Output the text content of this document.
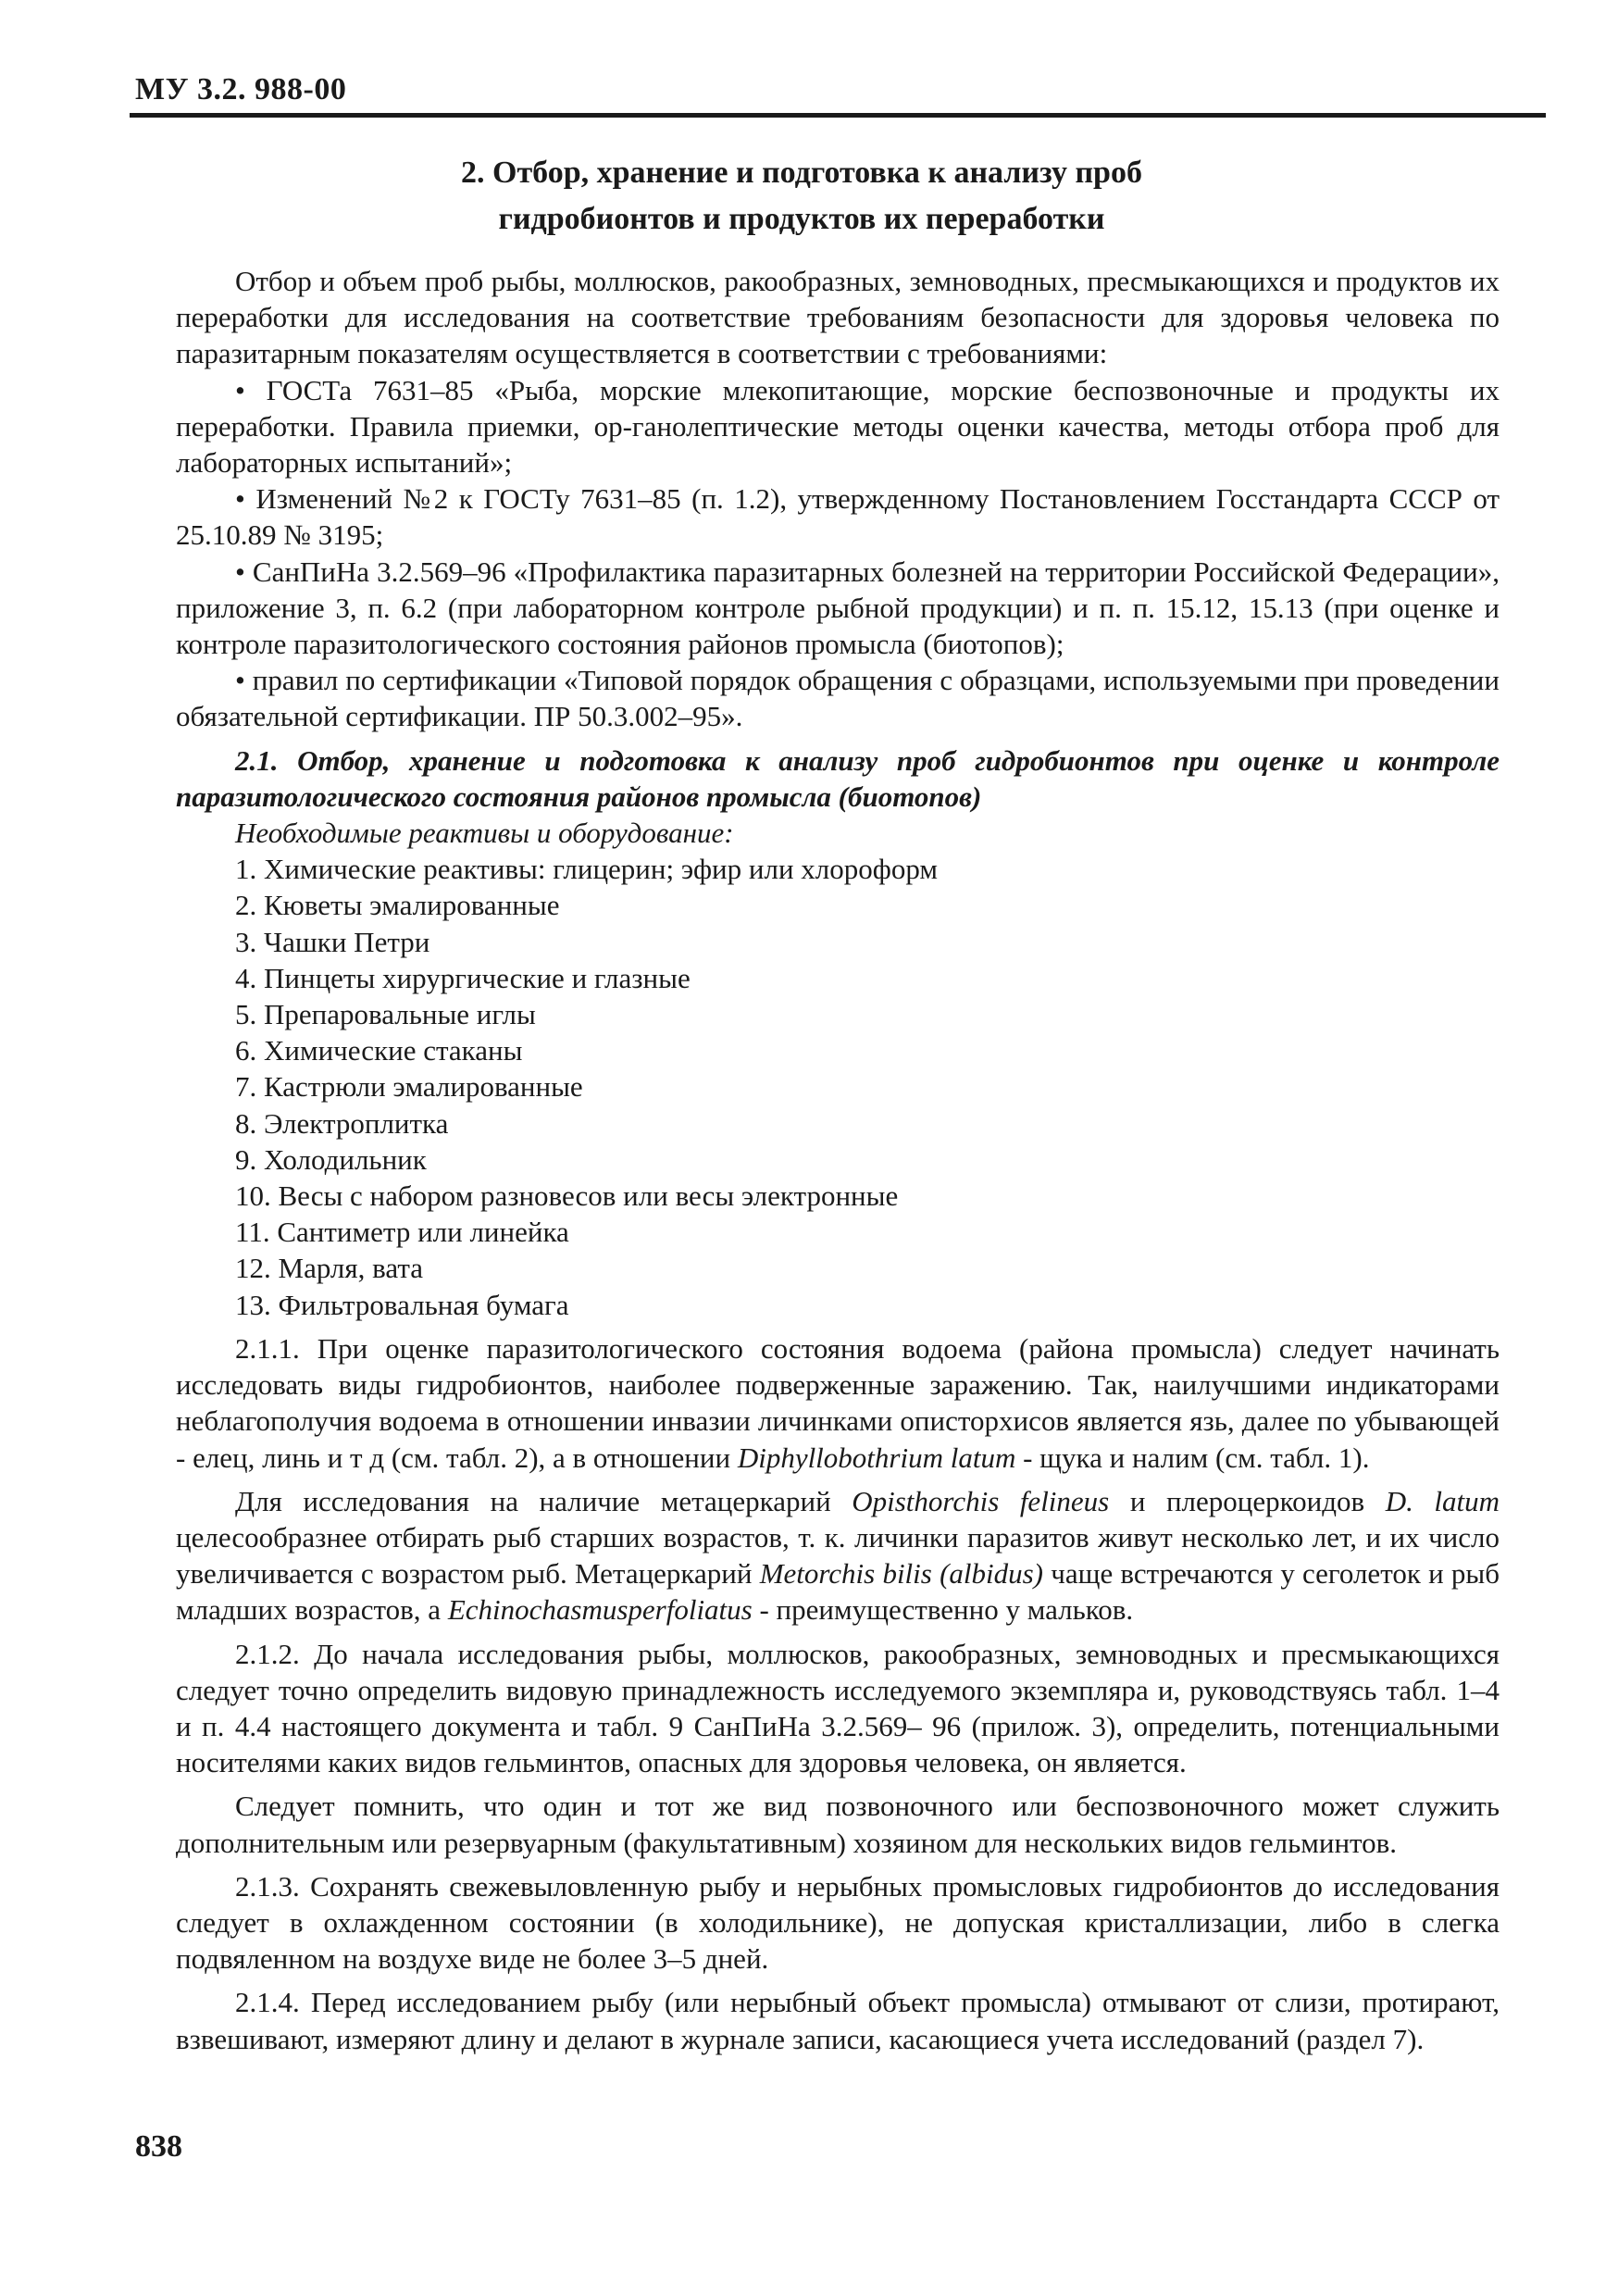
МУ 3.2. 988-00
2. Отбор, хранение и подготовка к анализу проб
гидробионтов и продуктов их переработки

Отбор и объем проб рыбы, моллюсков, ракообразных, земноводных, пресмыкающихся и продуктов их переработки для исследования на соответствие требованиям безопасности для здоровья человека по паразитарным показателям осуществляется в соответствии с требованиями:

• ГОСТа 7631–85 «Рыба, морские млекопитающие, морские беспозвоночные и продукты их переработки. Правила приемки, ор-ганолептические методы оценки качества, методы отбора проб для лабораторных испытаний»;

• Изменений №2 к ГОСТу 7631–85 (п. 1.2), утвержденному Постановлением Госстандарта СССР от 25.10.89 № 3195;

• СанПиНа 3.2.569–96 «Профилактика паразитарных болезней на территории Российской Федерации», приложение 3, п. 6.2 (при лабораторном контроле рыбной продукции) и п. п. 15.12, 15.13 (при оценке и контроле паразитологического состояния районов промысла (биотопов);

• правил по сертификации «Типовой порядок обращения с образцами, используемыми при проведении обязательной сертификации. ПР 50.3.002–95».

2.1. Отбор, хранение и подготовка к анализу проб гидробионтов при оценке и контроле паразитологического состояния районов промысла (биотопов)

Необходимые реактивы и оборудование:

1. Химические реактивы: глицерин; эфир или хлороформ
2. Кюветы эмалированные
3. Чашки Петри
4. Пинцеты хирургические и глазные
5. Препаровальные иглы
6. Химические стаканы
7. Кастрюли эмалированные
8. Электроплитка
9. Холодильник
10. Весы с набором разновесов или весы электронные
11. Сантиметр или линейка
12. Марля, вата
13. Фильтровальная бумага

2.1.1. При оценке паразитологического состояния водоема (района промысла) следует начинать исследовать виды гидробионтов, наиболее подверженные заражению. Так, наилучшими индикаторами неблагополучия водоема в отношении инвазии личинками описторхисов является язь, далее по убывающей - елец, линь и т д (см. табл. 2), а в отношении Diphyllobothrium latum - щука и налим (см. табл. 1).

Для исследования на наличие метацеркарий Opisthorchis felineus и плероцеркоидов D. latum целесообразнее отбирать рыб старших возрастов, т. к. личинки паразитов живут несколько лет, и их число увеличивается с возрастом рыб. Метацеркарий Metorchis bilis (albidus) чаще встречаются у сеголеток и рыб младших возрастов, а Echinochasmusperfoliatus - преимущественно у мальков.

2.1.2. До начала исследования рыбы, моллюсков, ракообразных, земноводных и пресмыкающихся следует точно определить видовую принадлежность исследуемого экземпляра и, руководствуясь табл. 1–4 и п. 4.4 настоящего документа и табл. 9 СанПиНа 3.2.569– 96 (прилож. 3), определить, потенциальными носителями каких видов гельминтов, опасных для здоровья человека, он является.

Следует помнить, что один и тот же вид позвоночного или беспозвоночного может служить дополнительным или резервуарным (факультативным) хозяином для нескольких видов гельминтов.

2.1.3. Сохранять свежевыловленную рыбу и нерыбных промысловых гидробионтов до исследования следует в охлажденном состоянии (в холодильнике), не допуская кристаллизации, либо в слегка подвяленном на воздухе виде не более 3–5 дней.

2.1.4. Перед исследованием рыбу (или нерыбный объект промысла) отмывают от слизи, протирают, взвешивают, измеряют длину и делают в журнале записи, касающиеся учета исследований (раздел 7).

838
